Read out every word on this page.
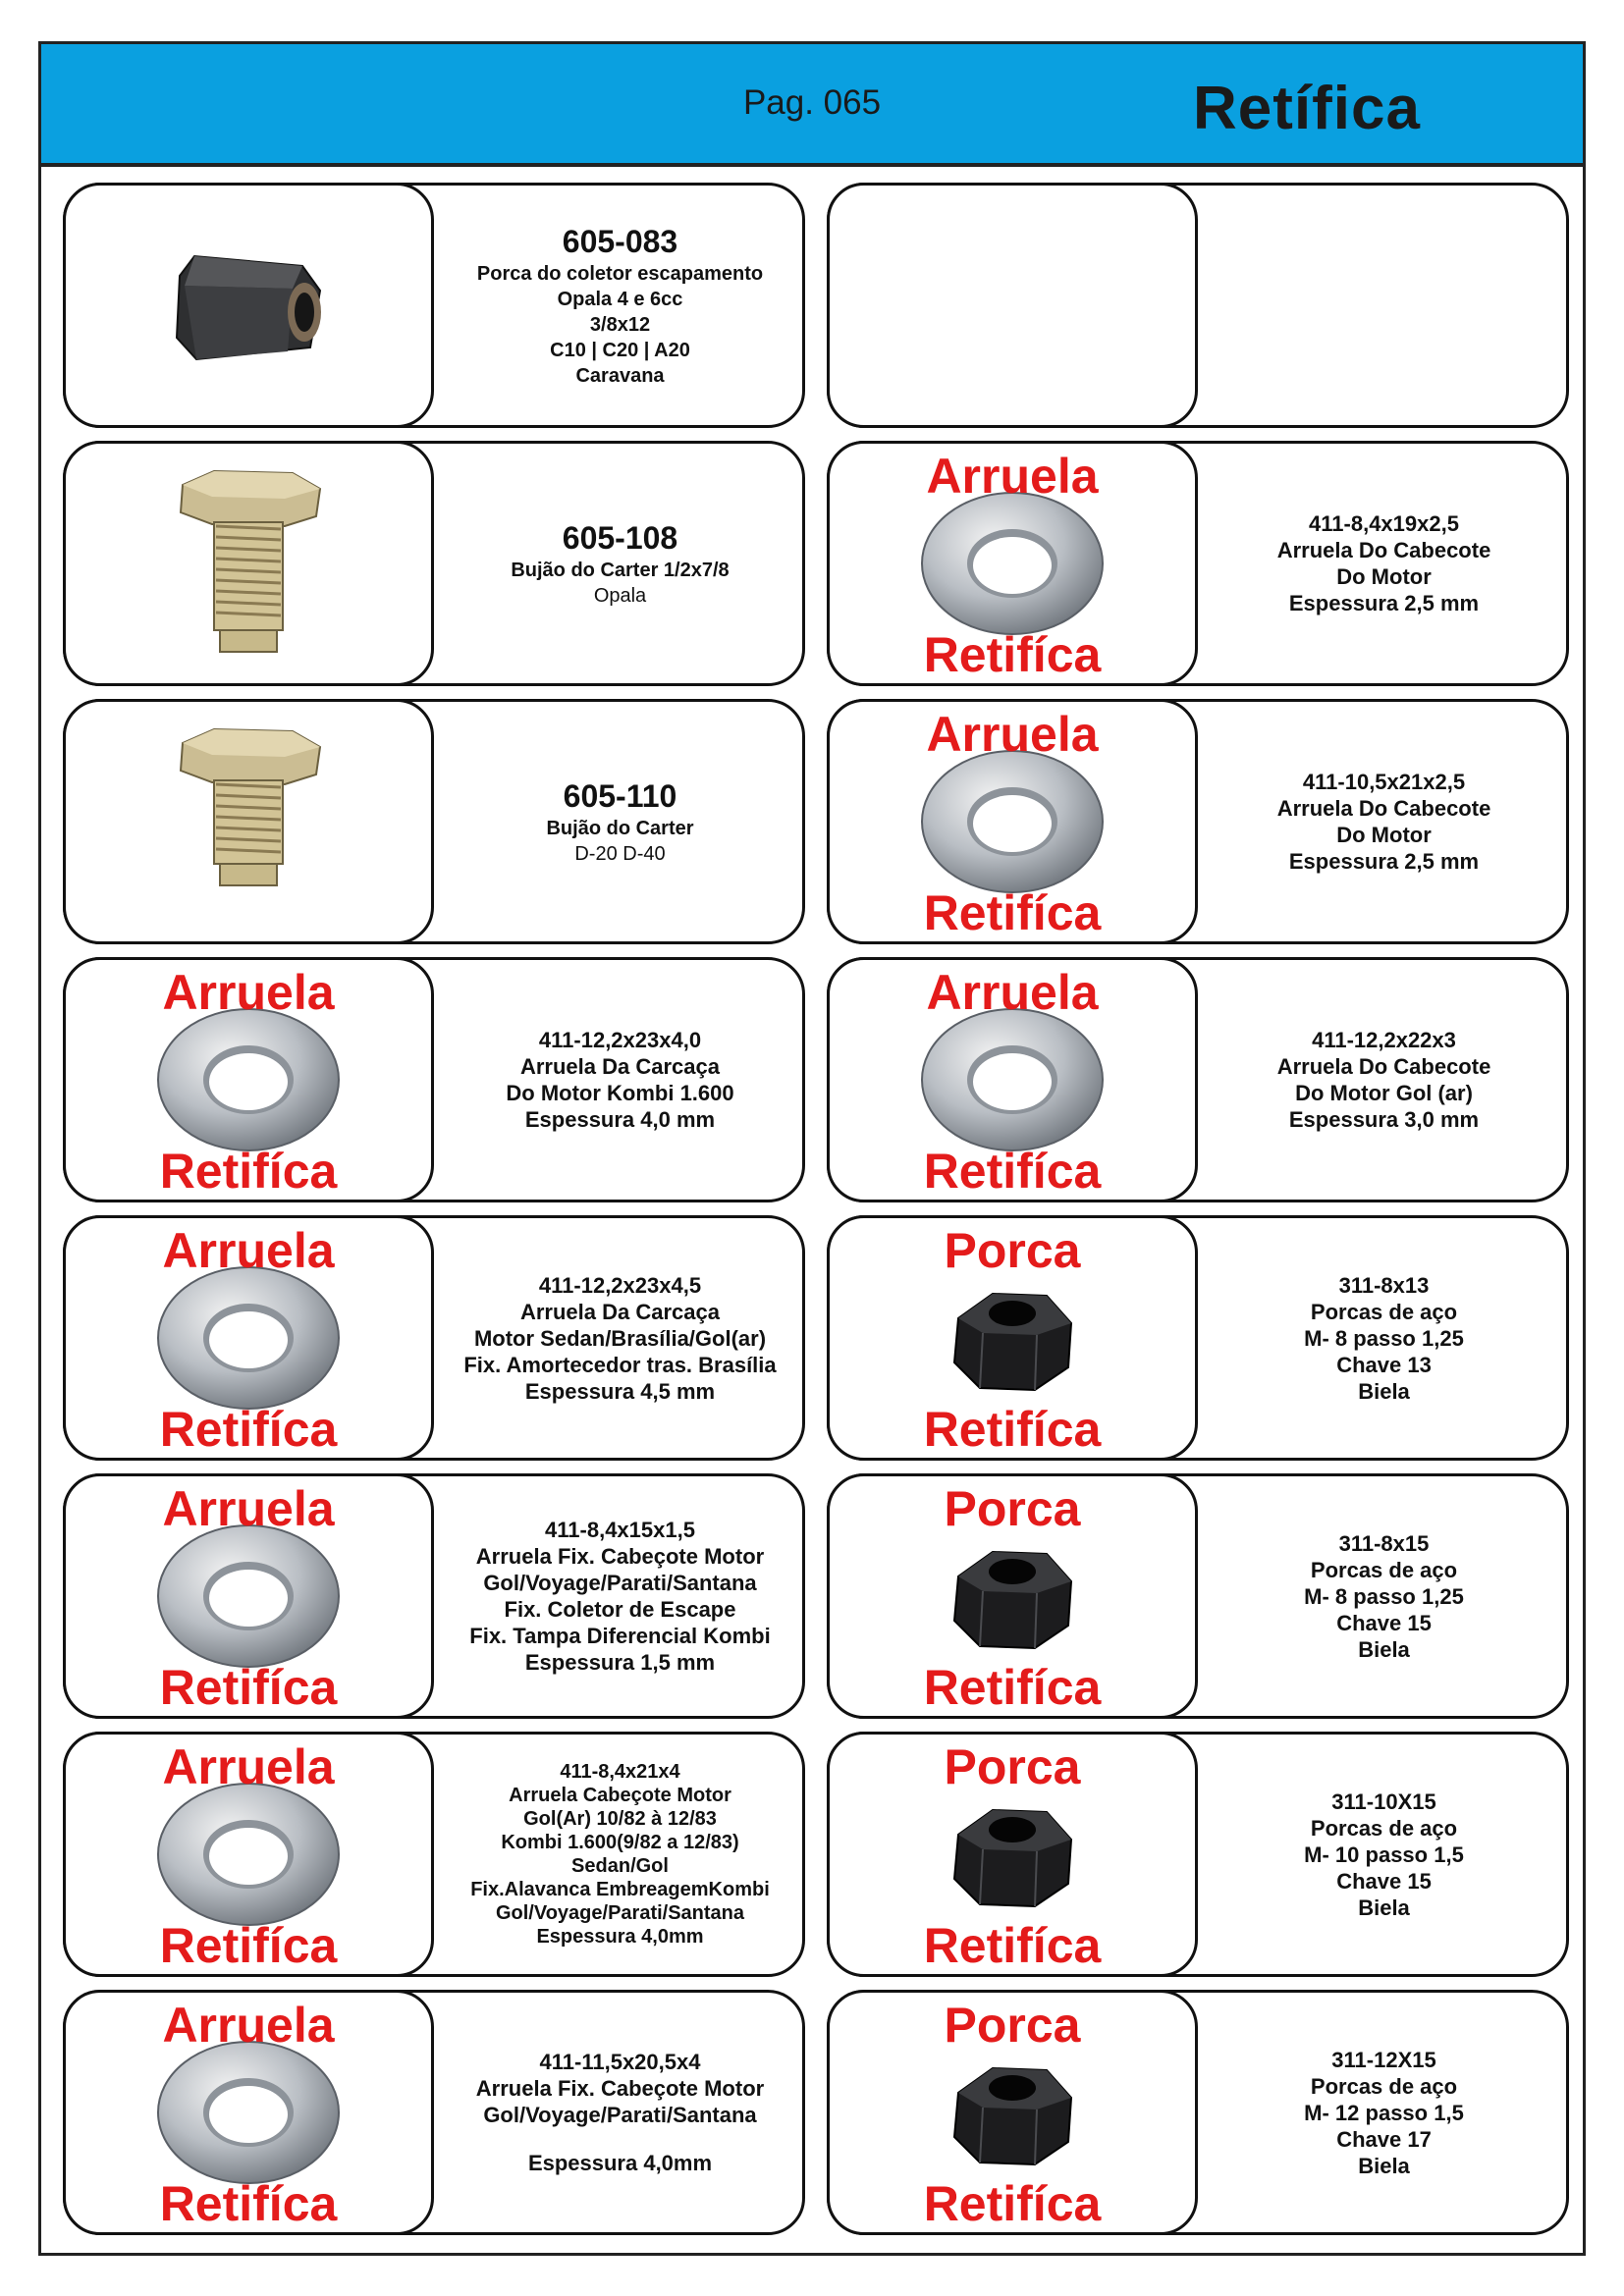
Pag. 065	Retífica
605-083
Porca do coletor escapamento
Opala 4 e 6cc
3/8x12
C10 | C20 | A20
Caravana
605-108
Bujão do Carter 1/2x7/8
Opala
605-110
Bujão do Carter
D-20 D-40
Arruela
Retifíca
411-12,2x23x4,0
Arruela Da Carcaça
Do Motor Kombi 1.600
Espessura 4,0 mm
Arruela
Retifíca
411-12,2x23x4,5
Arruela Da Carcaça
Motor Sedan/Brasília/Gol(ar)
Fix. Amortecedor tras. Brasília
Espessura 4,5 mm
Arruela
Retifíca
411-8,4x15x1,5
Arruela Fix. Cabeçote Motor
Gol/Voyage/Parati/Santana
Fix. Coletor de Escape
Fix. Tampa Diferencial Kombi
Espessura 1,5 mm
Arruela
Retifíca
411-8,4x21x4
Arruela Cabeçote Motor
Gol(Ar) 10/82 à 12/83
Kombi 1.600(9/82 a 12/83)
Sedan/Gol
Fix.Alavanca EmbreagemKombi
Gol/Voyage/Parati/Santana
Espessura 4,0mm
Arruela
Retifíca
411-11,5x20,5x4
Arruela Fix. Cabeçote Motor
Gol/Voyage/Parati/Santana
Espessura 4,0mm
Arruela
Retifíca
411-8,4x19x2,5
Arruela Do Cabecote
Do Motor
Espessura 2,5 mm
Arruela
Retifíca
411-10,5x21x2,5
Arruela Do Cabecote
Do Motor
Espessura 2,5 mm
Arruela
Retifíca
411-12,2x22x3
Arruela Do Cabecote
Do Motor Gol (ar)
Espessura 3,0 mm
Porca
Retifíca
311-8x13
Porcas de aço
M- 8 passo 1,25
Chave 13
Biela
Porca
Retifíca
311-8x15
Porcas de aço
M- 8 passo 1,25
Chave 15
Biela
Porca
Retifíca
311-10X15
Porcas de aço
M- 10 passo 1,5
Chave 15
Biela
Porca
Retifíca
311-12X15
Porcas de aço
M- 12 passo 1,5
Chave 17
Biela
